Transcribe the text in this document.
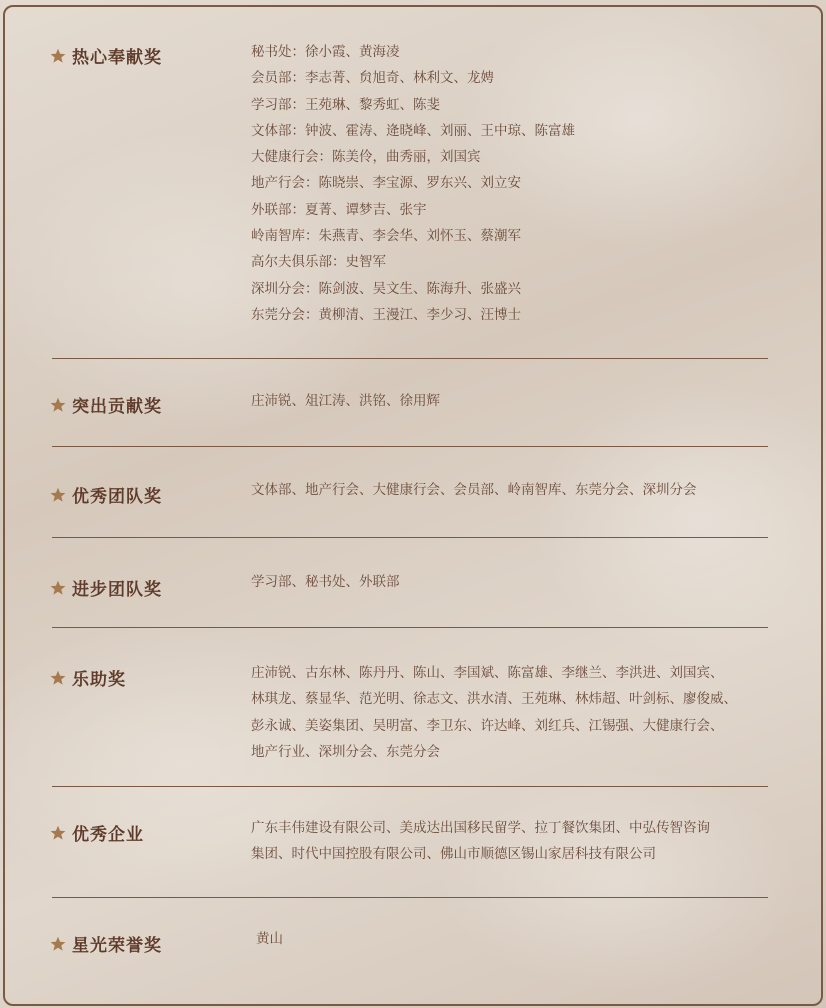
热心奉献奖	秘书处：徐小霞、黄海凌
会员部：李志菁、贠旭奇、林利文、龙娉
学习部：王苑琳、黎秀虹、陈斐
文体部：钟波、霍涛、逄晓峰、刘丽、王中琼、陈富雄
大健康行会：陈美伶，曲秀丽，刘国宾
地产行会：陈晓崇、李宝源、罗东兴、刘立安
外联部：夏菁、谭梦吉、张宇
岭南智库：朱燕青、李会华、刘怀玉、蔡潮军
高尔夫俱乐部：史智军
深圳分会：陈剑波、吴文生、陈海升、张盛兴
东莞分会：黄柳清、王漫江、李少习、汪博士
突出贡献奖	庄沛锐、俎江涛、洪铭、徐用辉
优秀团队奖	文体部、地产行会、大健康行会、会员部、岭南智库、东莞分会、深圳分会
进步团队奖	学习部、秘书处、外联部
乐助奖	庄沛锐、古东林、陈丹丹、陈山、李国斌、陈富雄、李继兰、李洪进、刘国宾、
林琪龙、蔡显华、范光明、徐志文、洪水清、王苑琳、林炜超、叶剑标、廖俊威、
彭永诚、美姿集团、吴明富、李卫东、许达峰、刘红兵、江锡强、大健康行会、
地产行业、深圳分会、东莞分会
优秀企业	广东丰伟建设有限公司、美成达出国移民留学、拉丁餐饮集团、中弘传智咨询
集团、时代中国控股有限公司、佛山市顺德区锡山家居科技有限公司
星光荣誉奖	黄山
